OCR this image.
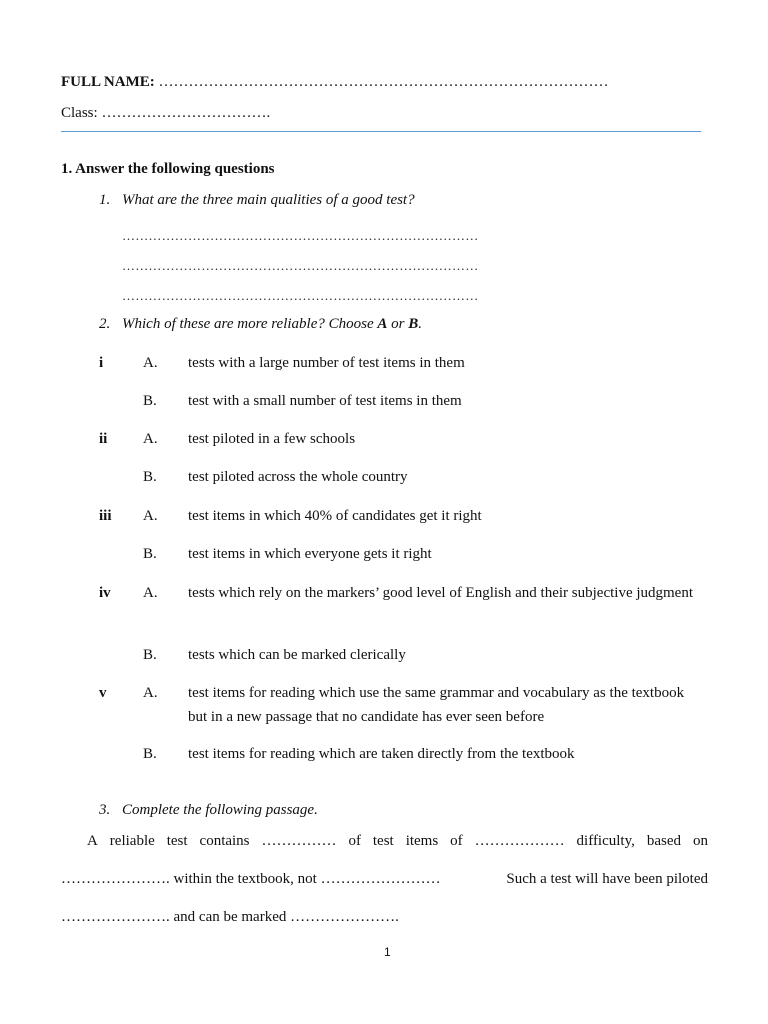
FULL NAME: ………………………………………………………………………………
Class: …………………………….
1. Answer the following questions
1. What are the three main qualities of a good test?
………………………………………………………………………
………………………………………………………………………
………………………………………………………………………
2. Which of these are more reliable? Choose A or B.
i	A. tests with a large number of test items in them
B. test with a small number of test items in them
ii A. test piloted in a few schools
B. test piloted across the whole country
iii A. test items in which 40% of candidates get it right
B. test items in which everyone gets it right
iv A. tests which rely on the markers’ good level of English and their subjective judgment
B. tests which can be marked clerically
v A. test items for reading which use the same grammar and vocabulary as the textbook but in a new passage that no candidate has ever seen before
B. test items for reading which are taken directly from the textbook
3. Complete the following passage.
A reliable test contains …………… of test items of ……………… difficulty, based on
…………………. within the textbook, not ……………………	Such a test will have been piloted
…………………. and can be marked ………………….
1
